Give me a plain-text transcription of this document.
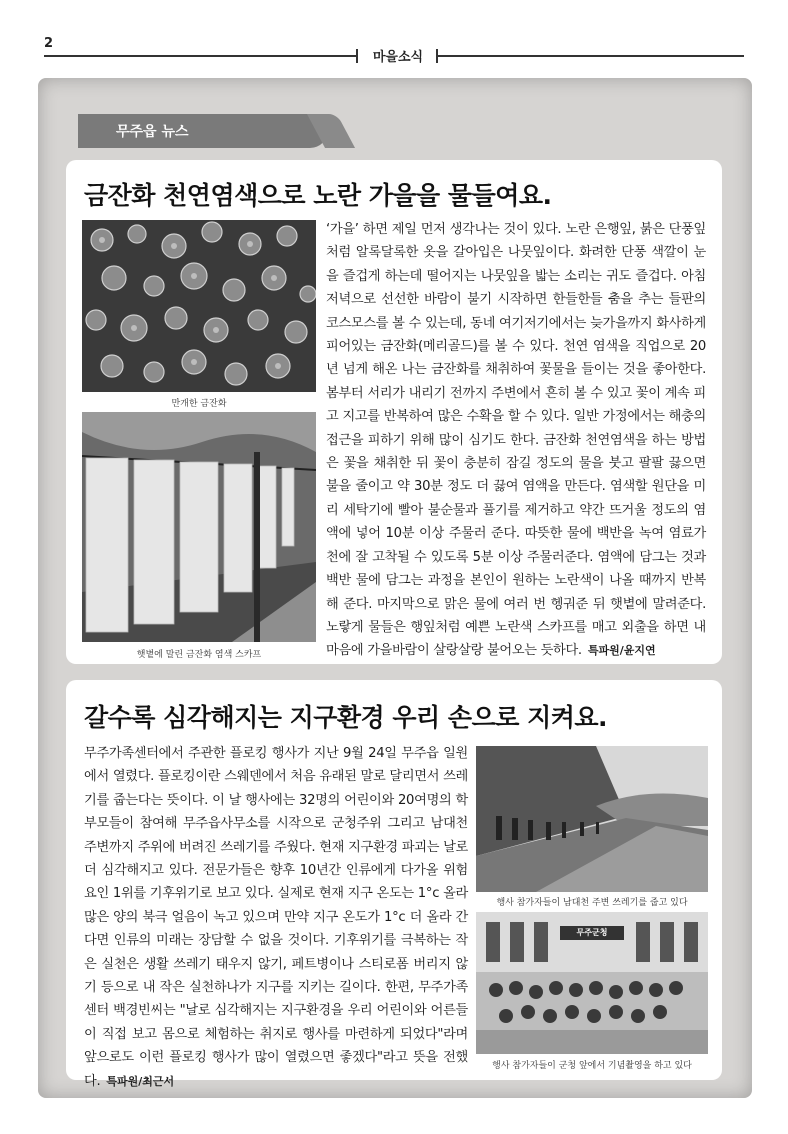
2
마을소식
무주읍 뉴스
금잔화 천연염색으로 노란 가을을 물들여요.
만개한 금잔화
햇볕에 말린 금잔화 염색 스카프
‘가을’ 하면 제일 먼저 생각나는 것이 있다. 노란 은행잎, 붉은 단풍잎처럼 알록달록한 옷을 갈아입은 나뭇잎이다. 화려한 단풍 색깔이 눈을 즐겁게 하는데 떨어지는 나뭇잎을 밟는 소리는 귀도 즐겁다. 아침저녁으로 선선한 바람이 불기 시작하면 한들한들 춤을 추는 들판의 코스모스를 볼 수 있는데, 동네 여기저기에서는 늦가을까지 화사하게 피어있는 금잔화(메리골드)를 볼 수 있다. 천연 염색을 직업으로 20년 넘게 해온 나는 금잔화를 채취하여 꽃물을 들이는 것을 좋아한다. 봄부터 서리가 내리기 전까지 주변에서 흔히 볼 수 있고 꽃이 계속 피고 지고를 반복하여 많은 수확을 할 수 있다. 일반 가정에서는 해충의 접근을 피하기 위해 많이 심기도 한다. 금잔화 천연염색을 하는 방법은 꽃을 채취한 뒤 꽃이 충분히 잠길 정도의 물을 붓고 팔팔 끓으면 불을 줄이고 약 30분 정도 더 끓여 염액을 만든다. 염색할 원단을 미리 세탁기에 빨아 불순물과 풀기를 제거하고 약간 뜨거울 정도의 염액에 넣어 10분 이상 주물러 준다. 따뜻한 물에 백반을 녹여 염료가 천에 잘 고착될 수 있도록 5분 이상 주물러준다. 염액에 담그는 것과 백반 물에 담그는 과정을 본인이 원하는 노란색이 나올 때까지 반복해 준다. 마지막으로 맑은 물에 여러 번 헹궈준 뒤 햇볕에 말려준다. 노랗게 물들은 행잎처럼 예쁜 노란색 스카프를 매고 외출을 하면 내 마음에 가을바람이 살랑살랑 불어오는 듯하다. 특파원/윤지연
갈수록 심각해지는 지구환경 우리 손으로 지켜요.
무주가족센터에서 주관한 플로킹 행사가 지난 9월 24일 무주읍 일원에서 열렸다. 플로킹이란 스웨덴에서 처음 유래된 말로 달리면서 쓰레기를 줍는다는 뜻이다. 이 날 행사에는 32명의 어린이와 20여명의 학부모들이 참여해 무주읍사무소를 시작으로 군청주위 그리고 남대천 주변까지 주위에 버려진 쓰레기를 주웠다. 현재 지구환경 파괴는 날로 더 심각해지고 있다. 전문가들은 향후 10년간 인류에게 다가올 위험요인 1위를 기후위기로 보고 있다. 실제로 현재 지구 온도는 1°c 올라 많은 양의 북극 얼음이 녹고 있으며 만약 지구 온도가 1°c 더 올라 간다면 인류의 미래는 장담할 수 없을 것이다. 기후위기를 극복하는 작은 실천은 생활 쓰레기 태우지 않기, 페트병이나 스티로폼 버리지 않기 등으로 내 작은 실천하나가 지구를 지키는 길이다. 한편, 무주가족센터 백경빈씨는 "날로 심각해지는 지구환경을 우리 어린이와 어른들이 직접 보고 몸으로 체험하는 취지로 행사를 마련하게 되었다"라며 앞으로도 이런 플로킹 행사가 많이 열렸으면 좋겠다"라고 뜻을 전했다. 특파원/최근서
행사 참가자들이 남대천 주변 쓰레기를 줍고 있다
무주군청
행사 참가자들이 군청 앞에서 기념촬영을 하고 있다
